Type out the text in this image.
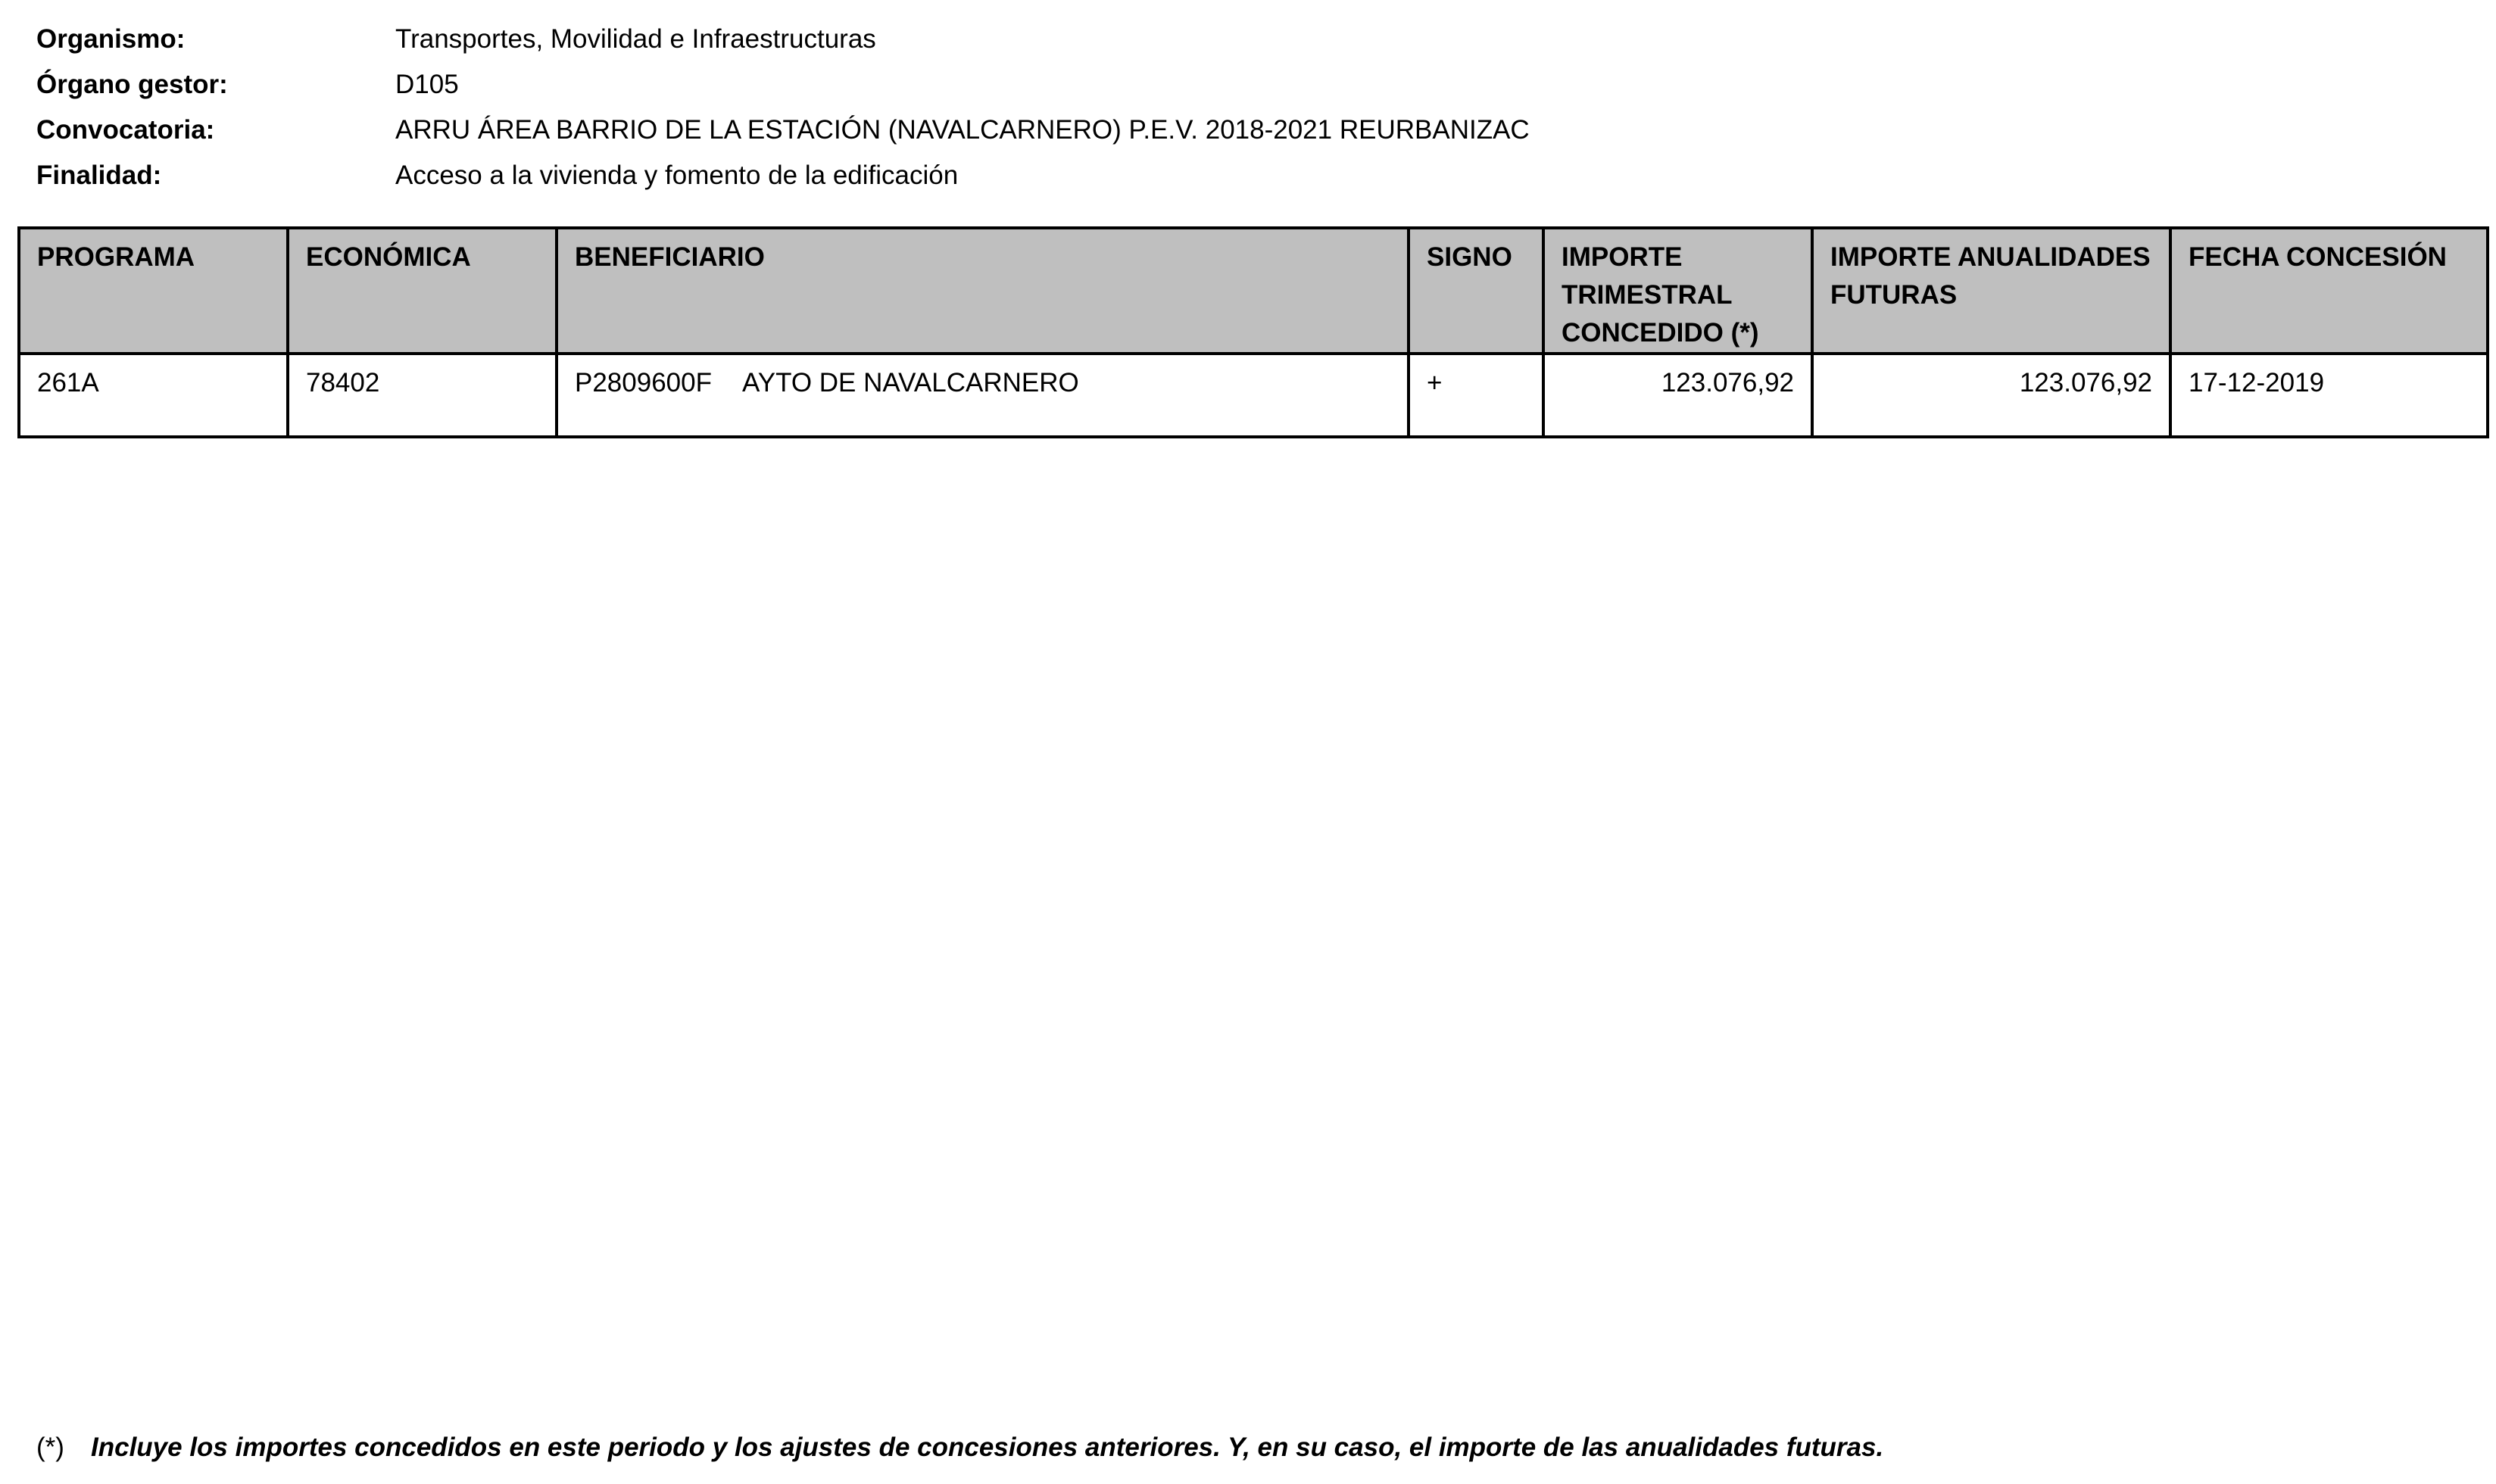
Organismo:	Transportes, Movilidad e Infraestructuras
Órgano gestor:	D105
Convocatoria:	ARRU ÁREA BARRIO DE LA ESTACIÓN (NAVALCARNERO) P.E.V. 2018-2021 REURBANIZAC
Finalidad:	Acceso a la vivienda y fomento de la edificación
PROGRAMA	ECONÓMICA	BENEFICIARIO	SIGNO	IMPORTE TRIMESTRAL CONCEDIDO (*)	IMPORTE ANUALIDADES FUTURAS	FECHA CONCESIÓN
261A	78402	P2809600F AYTO DE NAVALCARNERO	+	123.076,92	123.076,92	17-12-2019
(*)	Incluye los importes concedidos en este periodo y los ajustes de concesiones anteriores. Y, en su caso, el importe de las anualidades futuras.
